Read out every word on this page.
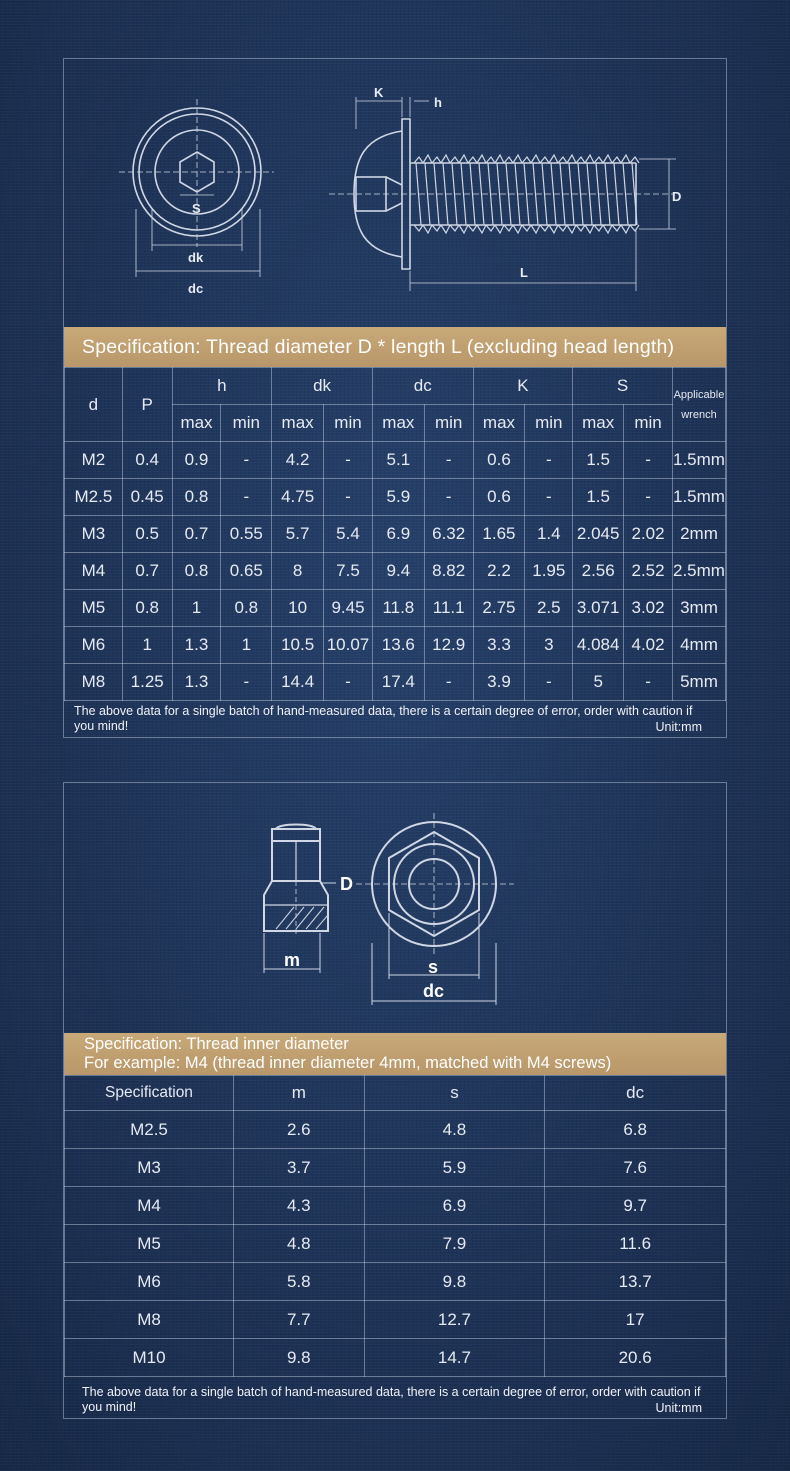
S
dk
dc
K
h
D
L
Specification: Thread diameter D * length L (excluding head length)
d	P	h		dk		dc		K		S		Applicable
wrench

		max	min	max	min	max	min	max	min	max	min	
M2	0.4	0.9	-	4.2	-	5.1	-	0.6	-	1.5	-	1.5mm
M2.5	0.45	0.8	-	4.75	-	5.9	-	0.6	-	1.5	-	1.5mm
M3	0.5	0.7	0.55	5.7	5.4	6.9	6.32	1.65	1.4	2.045	2.02	2mm
M4	0.7	0.8	0.65	8	7.5	9.4	8.82	2.2	1.95	2.56	2.52	2.5mm
M5	0.8	1	0.8	10	9.45	11.8	11.1	2.75	2.5	3.071	3.02	3mm
M6	1	1.3	1	10.5	10.07	13.6	12.9	3.3	3	4.084	4.02	4mm
M8	1.25	1.3	-	14.4	-	17.4	-	3.9	-	5	-	5mm
The above data for a single batch of hand-measured data, there is a certain degree of error, order with caution if you mind!	Unit:mm
D
m	s
dc
Specification: Thread inner diameter
For example: M4 (thread inner diameter 4mm, matched with M4 screws)
Specification	m	s	dc
M2.5	2.6	4.8	6.8
M3	3.7	5.9	7.6
M4	4.3	6.9	9.7
M5	4.8	7.9	11.6
M6	5.8	9.8	13.7
M8	7.7	12.7	17
M10	9.8	14.7	20.6
The above data for a single batch of hand-measured data, there is a certain degree of error, order with caution if you mind!	Unit:mm
